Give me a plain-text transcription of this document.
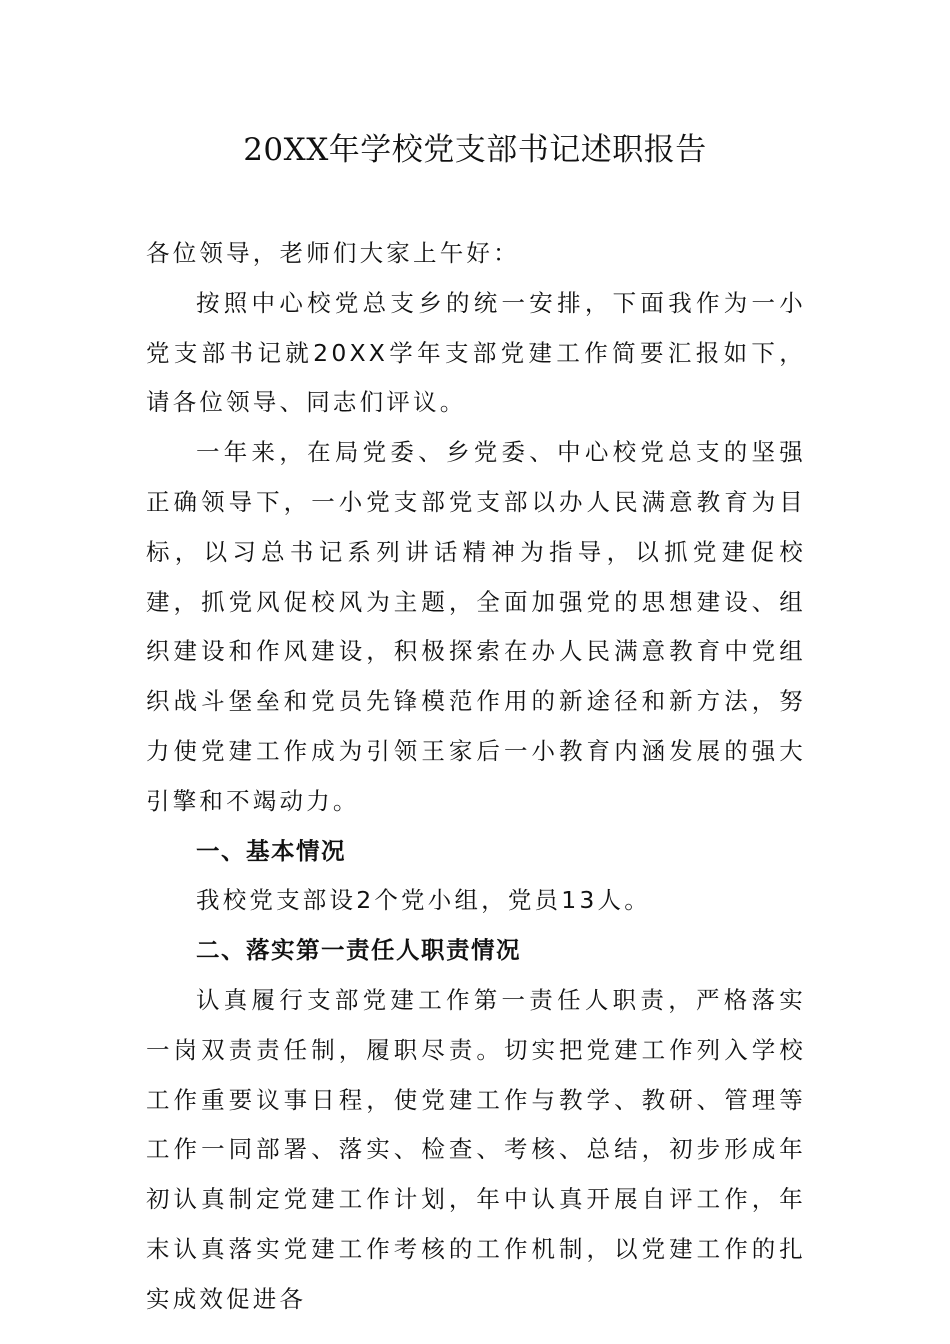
20XX年学校党支部书记述职报告

各位领导，老师们大家上午好：

按照中心校党总支乡的统一安排，下面我作为一小党支部书记就20XX学年支部党建工作简要汇报如下，请各位领导、同志们评议。

一年来，在局党委、乡党委、中心校党总支的坚强正确领导下，一小党支部党支部以办人民满意教育为目标，以习总书记系列讲话精神为指导，以抓党建促校建，抓党风促校风为主题，全面加强党的思想建设、组织建设和作风建设，积极探索在办人民满意教育中党组织战斗堡垒和党员先锋模范作用的新途径和新方法，努力使党建工作成为引领王家后一小教育内涵发展的强大引擎和不竭动力。

一、基本情况

我校党支部设2个党小组，党员13人。

二、落实第一责任人职责情况

认真履行支部党建工作第一责任人职责，严格落实一岗双责责任制，履职尽责。切实把党建工作列入学校工作重要议事日程，使党建工作与教学、教研、管理等工作一同部署、落实、检查、考核、总结，初步形成年初认真制定党建工作计划，年中认真开展自评工作，年末认真落实党建工作考核的工作机制，以党建工作的扎实成效促进各
